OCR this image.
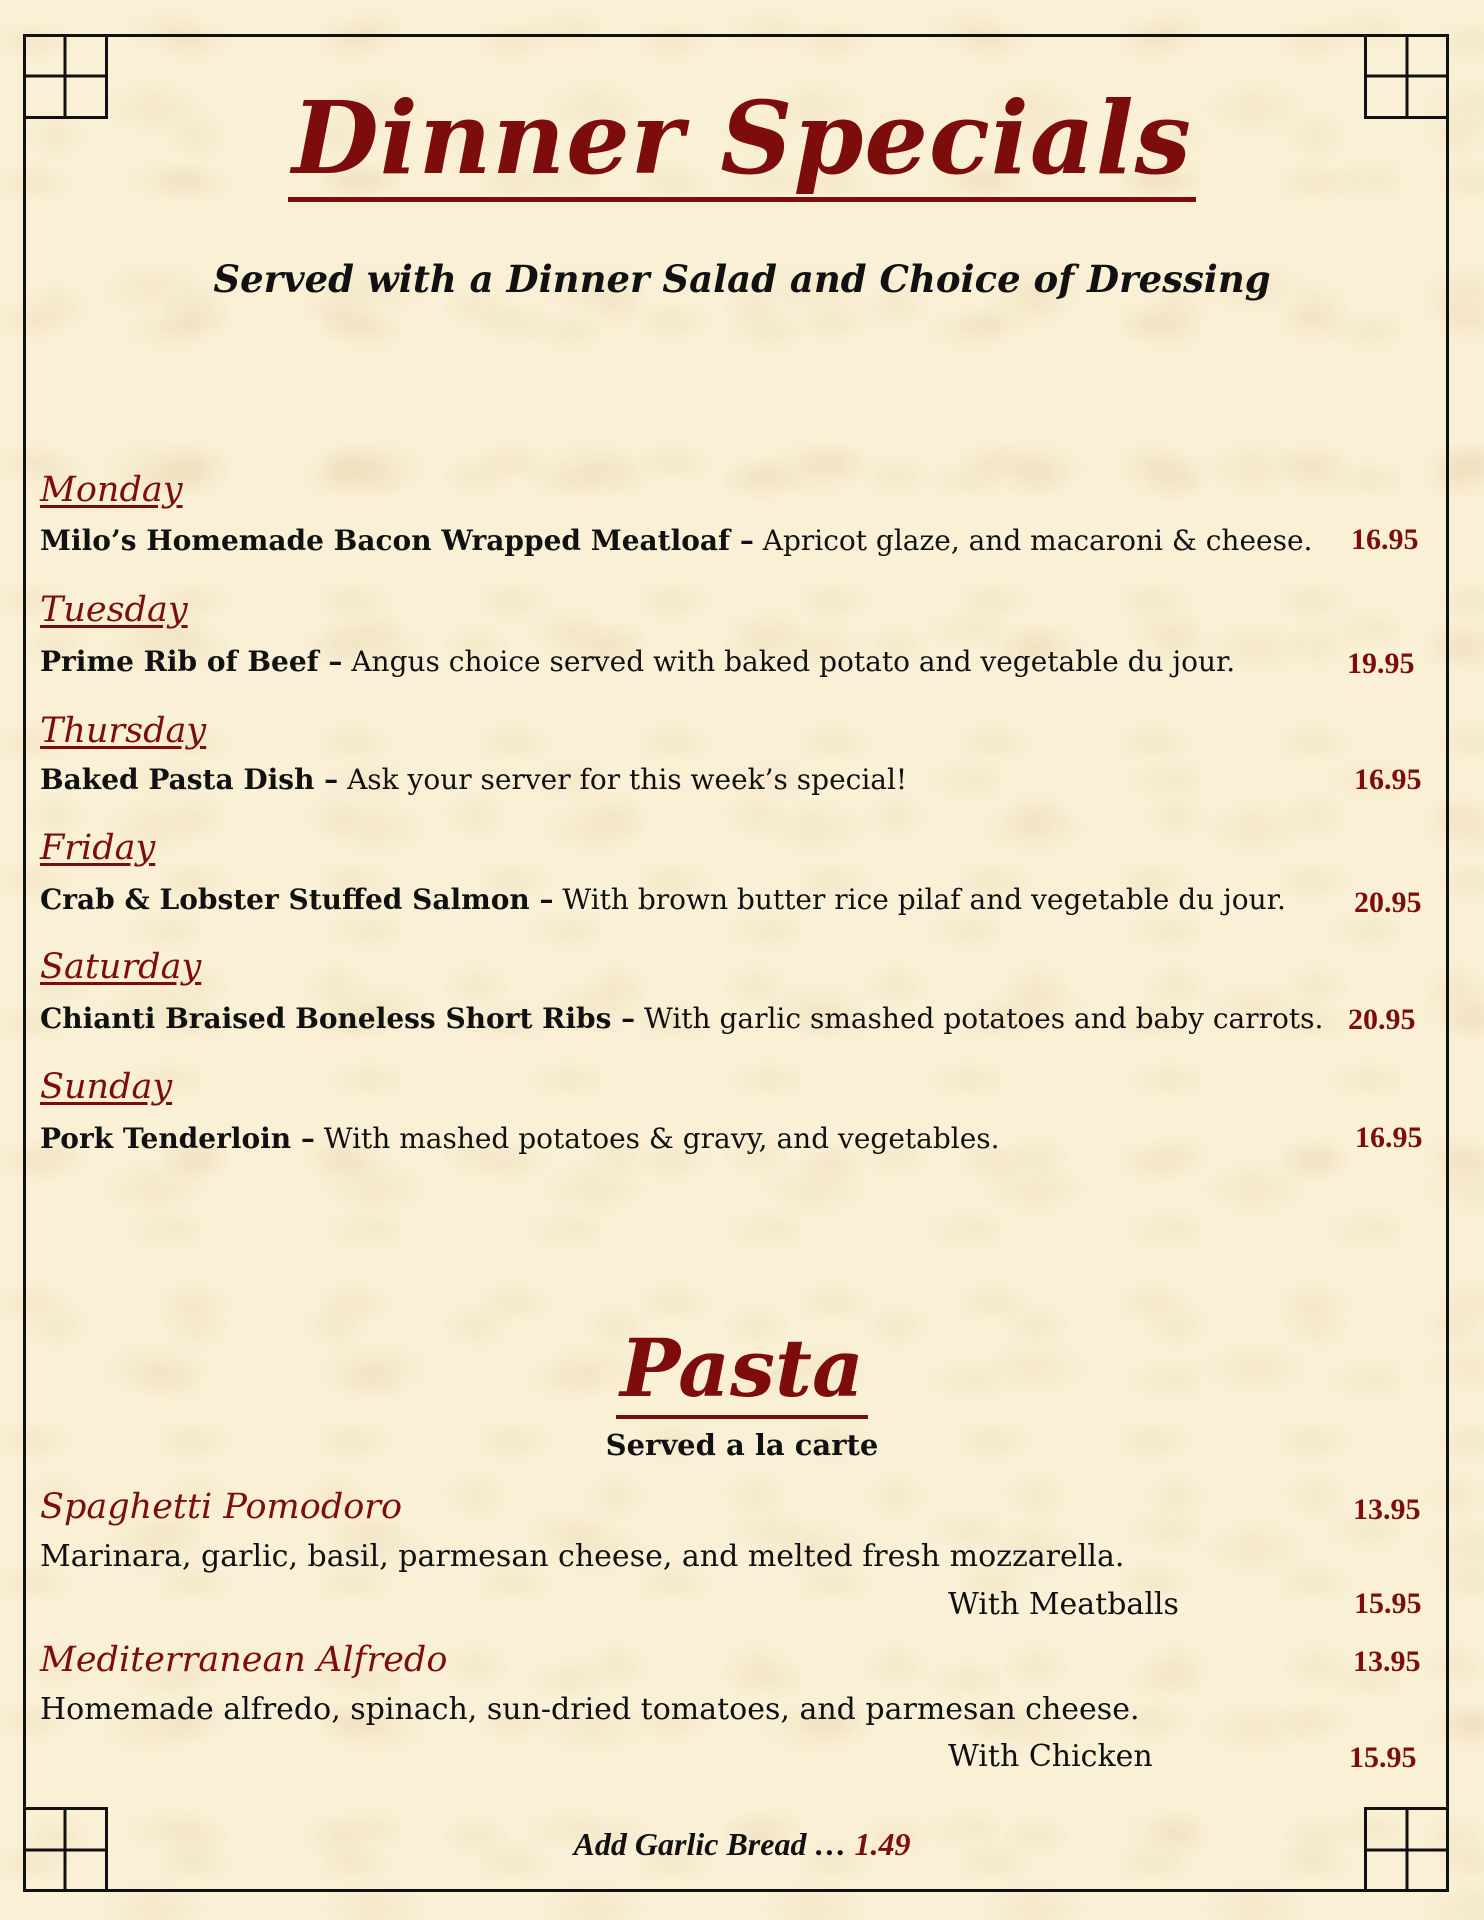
Dinner Specials
Served with a Dinner Salad and Choice of Dressing
Monday
Milo’s Homemade Bacon Wrapped Meatloaf – Apricot glaze, and macaroni & cheese. 16.95
Tuesday
Prime Rib of Beef – Angus choice served with baked potato and vegetable du jour.	19.95
Thursday
Baked Pasta Dish – Ask your server for this week’s special!	16.95
Friday
Crab & Lobster Stuffed Salmon – With brown butter rice pilaf and vegetable du jour. 20.95
Saturday
Chianti Braised Boneless Short Ribs – With garlic smashed potatoes and baby carrots. 20.95
Sunday
Pork Tenderloin – With mashed potatoes & gravy, and vegetables.	16.95
Pasta
Served a la carte
Spaghetti Pomodoro	13.95
Marinara, garlic, basil, parmesan cheese, and melted fresh mozzarella.
With Meatballs	15.95
Mediterranean Alfredo	13.95
Homemade alfredo, spinach, sun-dried tomatoes, and parmesan cheese.
With Chicken	15.95
Add Garlic Bread … 1.49
